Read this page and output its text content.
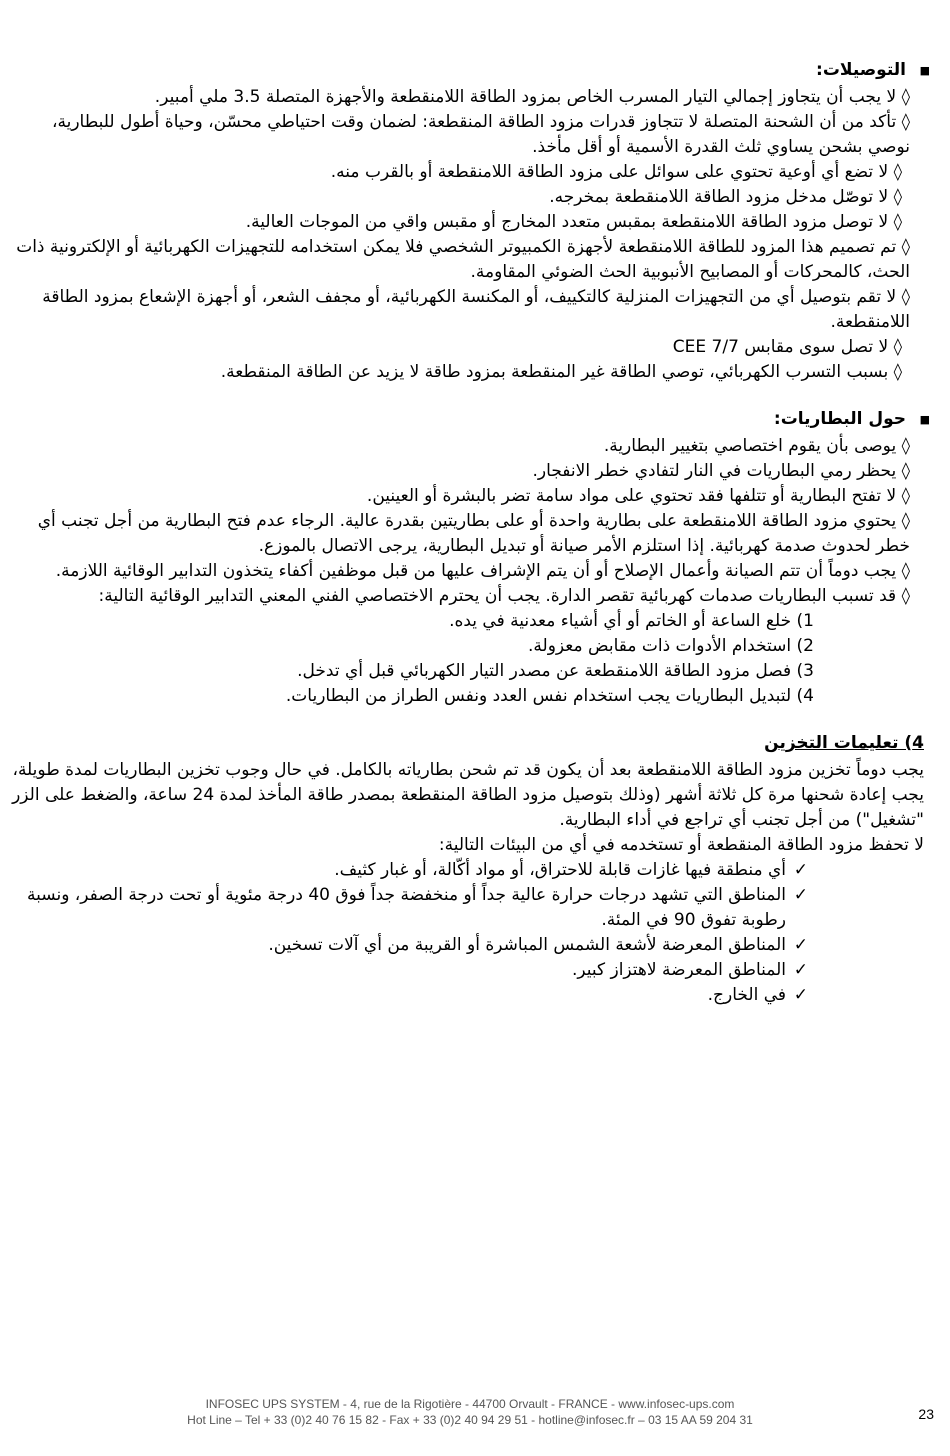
■ التوصيلات:

◊ لا يجب أن يتجاوز إجمالي التيار المسرب الخاص بمزود الطاقة اللامنقطعة والأجهزة المتصلة 3.5 ملي أمبير.

◊ تأكد من أن الشحنة المتصلة لا تتجاوز قدرات مزود الطاقة المنقطعة: لضمان وقت احتياطي محسّن، وحياة أطول للبطارية، نوصي بشحن يساوي ثلث القدرة الأسمية أو أقل مأخذ.

◊ لا تضع أي أوعية تحتوي على سوائل على مزود الطاقة اللامنقطعة أو بالقرب منه.

◊ لا توصّل مدخل مزود الطاقة اللامنقطعة بمخرجه.

◊ لا توصل مزود الطاقة اللامنقطعة بمقبس متعدد المخارج أو مقبس واقي من الموجات العالية.

◊ تم تصميم هذا المزود للطاقة اللامنقطعة لأجهزة الكمبيوتر الشخصي فلا يمكن استخدامه للتجهيزات الكهربائية أو الإلكترونية ذات الحث، كالمحركات أو المصابيح الأنبوبية الحث الضوئي المقاومة.

◊ لا تقم بتوصيل أي من التجهيزات المنزلية كالتكييف، أو المكنسة الكهربائية، أو مجفف الشعر، أو أجهزة الإشعاع بمزود الطاقة اللامنقطعة.

◊ لا تصل سوى مقابس CEE 7/7

◊ بسبب التسرب الكهربائي، توصي الطاقة غير المنقطعة بمزود طاقة لا يزيد عن الطاقة المنقطعة.

■ حول البطاريات:

◊ يوصى بأن يقوم اختصاصي بتغيير البطارية.

◊ يحظر رمي البطاريات في النار لتفادي خطر الانفجار.

◊ لا تفتح البطارية أو تتلفها فقد تحتوي على مواد سامة تضر بالبشرة أو العينين.

◊ يحتوي مزود الطاقة اللامنقطعة على بطارية واحدة أو على بطاريتين بقدرة عالية. الرجاء عدم فتح البطارية من أجل تجنب أي خطر لحدوث صدمة كهربائية. إذا استلزم الأمر صيانة أو تبديل البطارية، يرجى الاتصال بالموزع.

◊ يجب دوماً أن تتم الصيانة وأعمال الإصلاح أو أن يتم الإشراف عليها من قبل موظفين أكفاء يتخذون التدابير الوقائية اللازمة.

◊ قد تسبب البطاريات صدمات كهربائية تقصر الدارة. يجب أن يحترم الاختصاصي الفني المعني التدابير الوقائية التالية:

1) خلع الساعة أو الخاتم أو أي أشياء معدنية في يده.

2) استخدام الأدوات ذات مقابض معزولة.

3) فصل مزود الطاقة اللامنقطعة عن مصدر التيار الكهربائي قبل أي تدخل.

4) لتبديل البطاريات يجب استخدام نفس العدد ونفس الطراز من البطاريات.

4) تعليمات التخزين

يجب دوماً تخزين مزود الطاقة اللامنقطعة بعد أن يكون قد تم شحن بطارياته بالكامل. في حال وجوب تخزين البطاريات لمدة طويلة، يجب إعادة شحنها مرة كل ثلاثة أشهر (وذلك بتوصيل مزود الطاقة المنقطعة بمصدر طاقة المأخذ لمدة 24 ساعة، والضغط على الزر "تشغيل") من أجل تجنب أي تراجع في أداء البطارية.

لا تحفظ مزود الطاقة المنقطعة أو تستخدمه في أي من البيئات التالية:

✓
أي منطقة فيها غازات قابلة للاحتراق، أو مواد أكّالة، أو غبار كثيف.
✓
المناطق التي تشهد درجات حرارة عالية جداً أو منخفضة جداً فوق 40 درجة مئوية أو تحت درجة الصفر، ونسبة رطوبة تفوق 90 في المئة.
✓
المناطق المعرضة لأشعة الشمس المباشرة أو القريبة من أي آلات تسخين.
✓
المناطق المعرضة لاهتزاز كبير.
✓
في الخارج.
INFOSEC UPS SYSTEM - 4, rue de la Rigotière - 44700 Orvault - FRANCE - www.infosec-ups.com
Hot Line – Tel + 33 (0)2 40 76 15 82 - Fax + 33 (0)2 40 94 29 51 - hotline@infosec.fr – 03 15 AA 59 204 31	23
